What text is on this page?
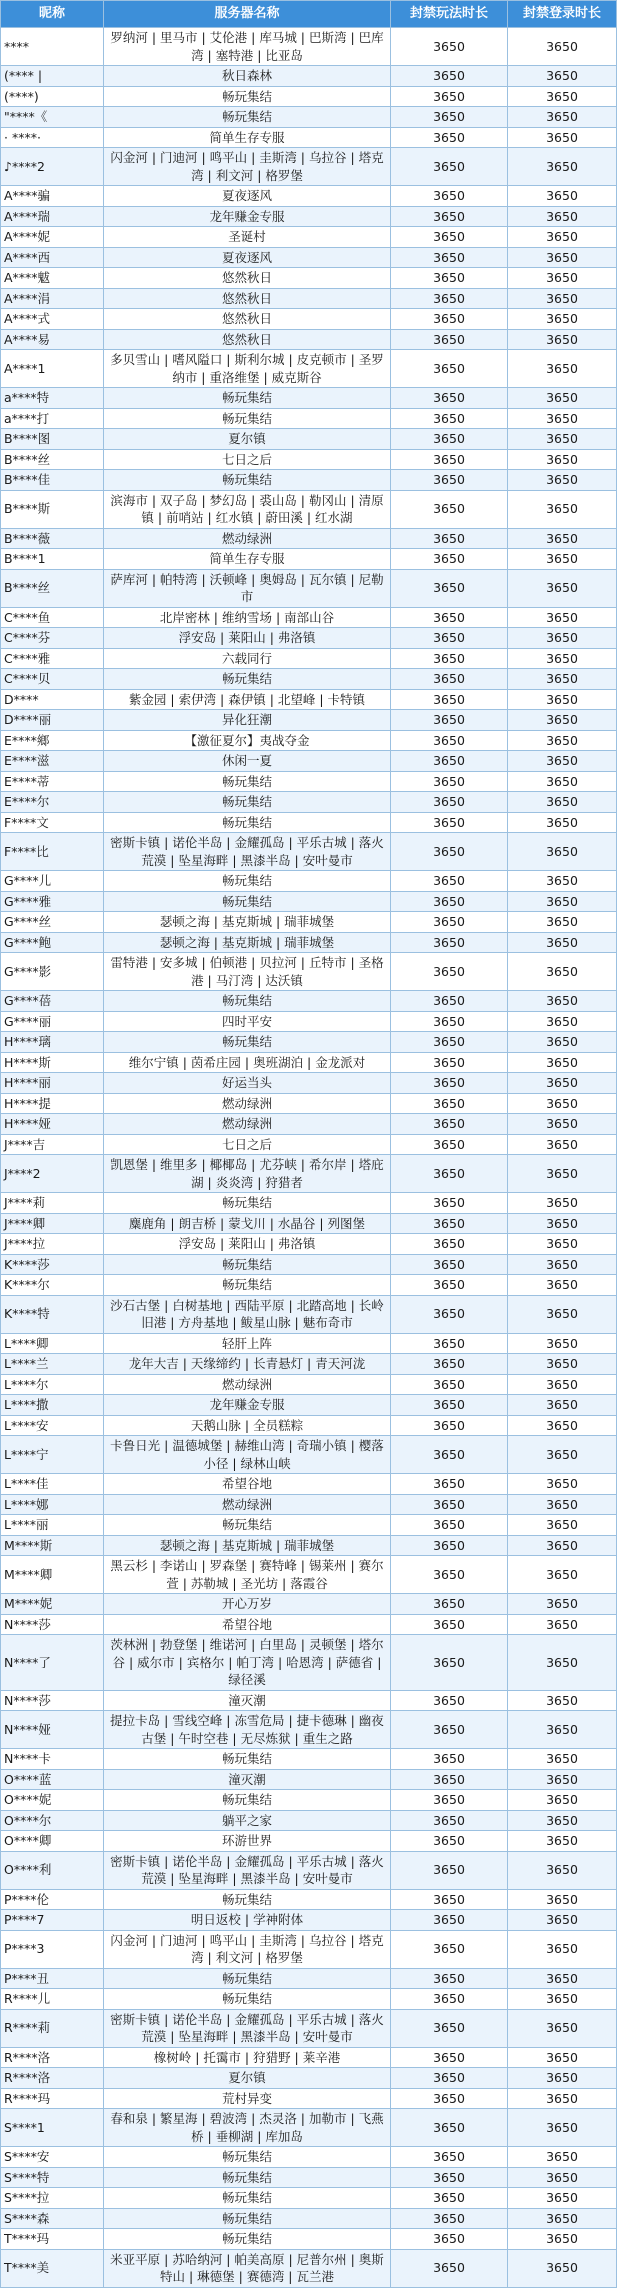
昵称	服务器名称	封禁玩法时长	封禁登录时长
****	罗纳河 | 里马市 | 艾伦港 | 库马城 | 巴斯湾 | 巴库湾 | 塞特港 | 比亚岛	3650	3650
(**** |	秋日森林	3650	3650
(****)	畅玩集结	3650	3650
"****《	畅玩集结	3650	3650
· ****·	简单生存专服	3650	3650
♪****2	闪金河 | 门迪河 | 鸣平山 | 圭斯湾 | 乌拉谷 | 塔克湾 | 利文河 | 格罗堡	3650	3650
A****骗	夏夜逐风	3650	3650
A****瑞	龙年赚金专服	3650	3650
A****妮	圣诞村	3650	3650
A****西	夏夜逐风	3650	3650
A****魃	悠然秋日	3650	3650
A****涓	悠然秋日	3650	3650
A****式	悠然秋日	3650	3650
A****易	悠然秋日	3650	3650
A****1	多贝雪山 | 嗜风隘口 | 斯利尔城 | 皮克顿市 | 圣罗纳市 | 重洛维堡 | 威克斯谷	3650	3650
a****特	畅玩集结	3650	3650
a****打	畅玩集结	3650	3650
B****图	夏尔镇	3650	3650
B****丝	七日之后	3650	3650
B****佳	畅玩集结	3650	3650
B****斯	滨海市 | 双子岛 | 梦幻岛 | 裘山岛 | 勒冈山 | 清原镇 | 前哨站 | 红水镇 | 蔚田溪 | 红水湖	3650	3650
B****薇	燃动绿洲	3650	3650
B****1	简单生存专服	3650	3650
B****丝	萨库河 | 帕特湾 | 沃顿峰 | 奥姆岛 | 瓦尔镇 | 尼勒市	3650	3650
C****鱼	北岸密林 | 维纳雪场 | 南部山谷	3650	3650
C****芬	浮安岛 | 莱阳山 | 弗洛镇	3650	3650
C****雅	六载同行	3650	3650
C****贝	畅玩集结	3650	3650
D****	紫金园 | 索伊湾 | 森伊镇 | 北望峰 | 卡特镇	3650	3650
D****丽	异化狂潮	3650	3650
E****鄉	【激征夏尔】夷战夺金	3650	3650
E****滋	休闲一夏	3650	3650
E****蒂	畅玩集结	3650	3650
E****尔	畅玩集结	3650	3650
F****文	畅玩集结	3650	3650
F****比	密斯卡镇 | 诺伦半岛 | 金耀孤岛 | 平乐古城 | 落火荒漠 | 坠星海畔 | 黑漆半岛 | 安叶曼市	3650	3650
G****儿	畅玩集结	3650	3650
G****雅	畅玩集结	3650	3650
G****丝	瑟顿之海 | 基克斯城 | 瑞菲城堡	3650	3650
G****鲍	瑟顿之海 | 基克斯城 | 瑞菲城堡	3650	3650
G****影	雷特港 | 安多城 | 伯顿港 | 贝拉河 | 丘特市 | 圣格港 | 马汀湾 | 达沃镇	3650	3650
G****蓓	畅玩集结	3650	3650
G****丽	四时平安	3650	3650
H****璃	畅玩集结	3650	3650
H****斯	维尔宁镇 | 茵希庄园 | 奥班湖泊 | 金龙派对	3650	3650
H****丽	好运当头	3650	3650
H****提	燃动绿洲	3650	3650
H****娅	燃动绿洲	3650	3650
J****吉	七日之后	3650	3650
J****2	凯恩堡 | 维里多 | 椰椰岛 | 尤芬峡 | 希尔岸 | 塔庇湖 | 炎炎湾 | 狩猎者	3650	3650
J****莉	畅玩集结	3650	3650
J****卿	麋鹿角 | 朗吉桥 | 蒙戈川 | 水晶谷 | 列图堡	3650	3650
J****拉	浮安岛 | 莱阳山 | 弗洛镇	3650	3650
K****莎	畅玩集结	3650	3650
K****尔	畅玩集结	3650	3650
K****特	沙石古堡 | 白树基地 | 西陆平原 | 北踏高地 | 长岭旧港 | 方舟基地 | 鲅星山脉 | 魅布奇市	3650	3650
L****卿	轻肝上阵	3650	3650
L****兰	龙年大吉 | 天缘缔约 | 长青悬灯 | 青天河泷	3650	3650
L****尔	燃动绿洲	3650	3650
L****撒	龙年赚金专服	3650	3650
L****安	天鹅山脉 | 全员糕粽	3650	3650
L****宁	卡鲁日光 | 温德城堡 | 赫维山湾 | 奇瑞小镇 | 樱落小径 | 绿林山峡	3650	3650
L****佳	希望谷地	3650	3650
L****娜	燃动绿洲	3650	3650
L****丽	畅玩集结	3650	3650
M****斯	瑟顿之海 | 基克斯城 | 瑞菲城堡	3650	3650
M****卿	黑云杉 | 李诺山 | 罗森堡 | 赛特峰 | 锡莱州 | 赛尔萱 | 苏勒城 | 圣光坊 | 落霞谷	3650	3650
M****妮	开心万岁	3650	3650
N****莎	希望谷地	3650	3650
N****了	茨林洲 | 勃登堡 | 维诺河 | 白里岛 | 灵顿堡 | 塔尔谷 | 威尔市 | 宾格尔 | 帕丁湾 | 哈恩湾 | 萨德省 | 绿径溪	3650	3650
N****莎	潼灭潮	3650	3650
N****娅	提拉卡岛 | 雪线空峰 | 冻雪危局 | 捷卡德琳 | 幽夜古堡 | 午时空巷 | 无尽炼狱 | 重生之路	3650	3650
N****卡	畅玩集结	3650	3650
O****蓝	潼灭潮	3650	3650
O****妮	畅玩集结	3650	3650
O****尔	躺平之家	3650	3650
O****卿	环游世界	3650	3650
O****利	密斯卡镇 | 诺伦半岛 | 金耀孤岛 | 平乐古城 | 落火荒漠 | 坠星海畔 | 黑漆半岛 | 安叶曼市	3650	3650
P****伦	畅玩集结	3650	3650
P****7	明日返校 | 学神附体	3650	3650
P****3	闪金河 | 门迪河 | 鸣平山 | 圭斯湾 | 乌拉谷 | 塔克湾 | 利文河 | 格罗堡	3650	3650
P****丑	畅玩集结	3650	3650
R****儿	畅玩集结	3650	3650
R****莉	密斯卡镇 | 诺伦半岛 | 金耀孤岛 | 平乐古城 | 落火荒漠 | 坠星海畔 | 黑漆半岛 | 安叶曼市	3650	3650
R****洛	橡树岭 | 托霭市 | 狩猎野 | 莱辛港	3650	3650
R****洛	夏尔镇	3650	3650
R****玛	荒村异变	3650	3650
S****1	春和泉 | 繁星海 | 碧波湾 | 杰灵洛 | 加勒市 | 飞燕桥 | 垂柳湖 | 库加岛	3650	3650
S****安	畅玩集结	3650	3650
S****特	畅玩集结	3650	3650
S****拉	畅玩集结	3650	3650
S****森	畅玩集结	3650	3650
T****玛	畅玩集结	3650	3650
T****美	米亚平原 | 苏哈纳河 | 帕美高原 | 尼普尔州 | 奥斯特山 | 琳德堡 | 赛德湾 | 瓦兰港	3650	3650
